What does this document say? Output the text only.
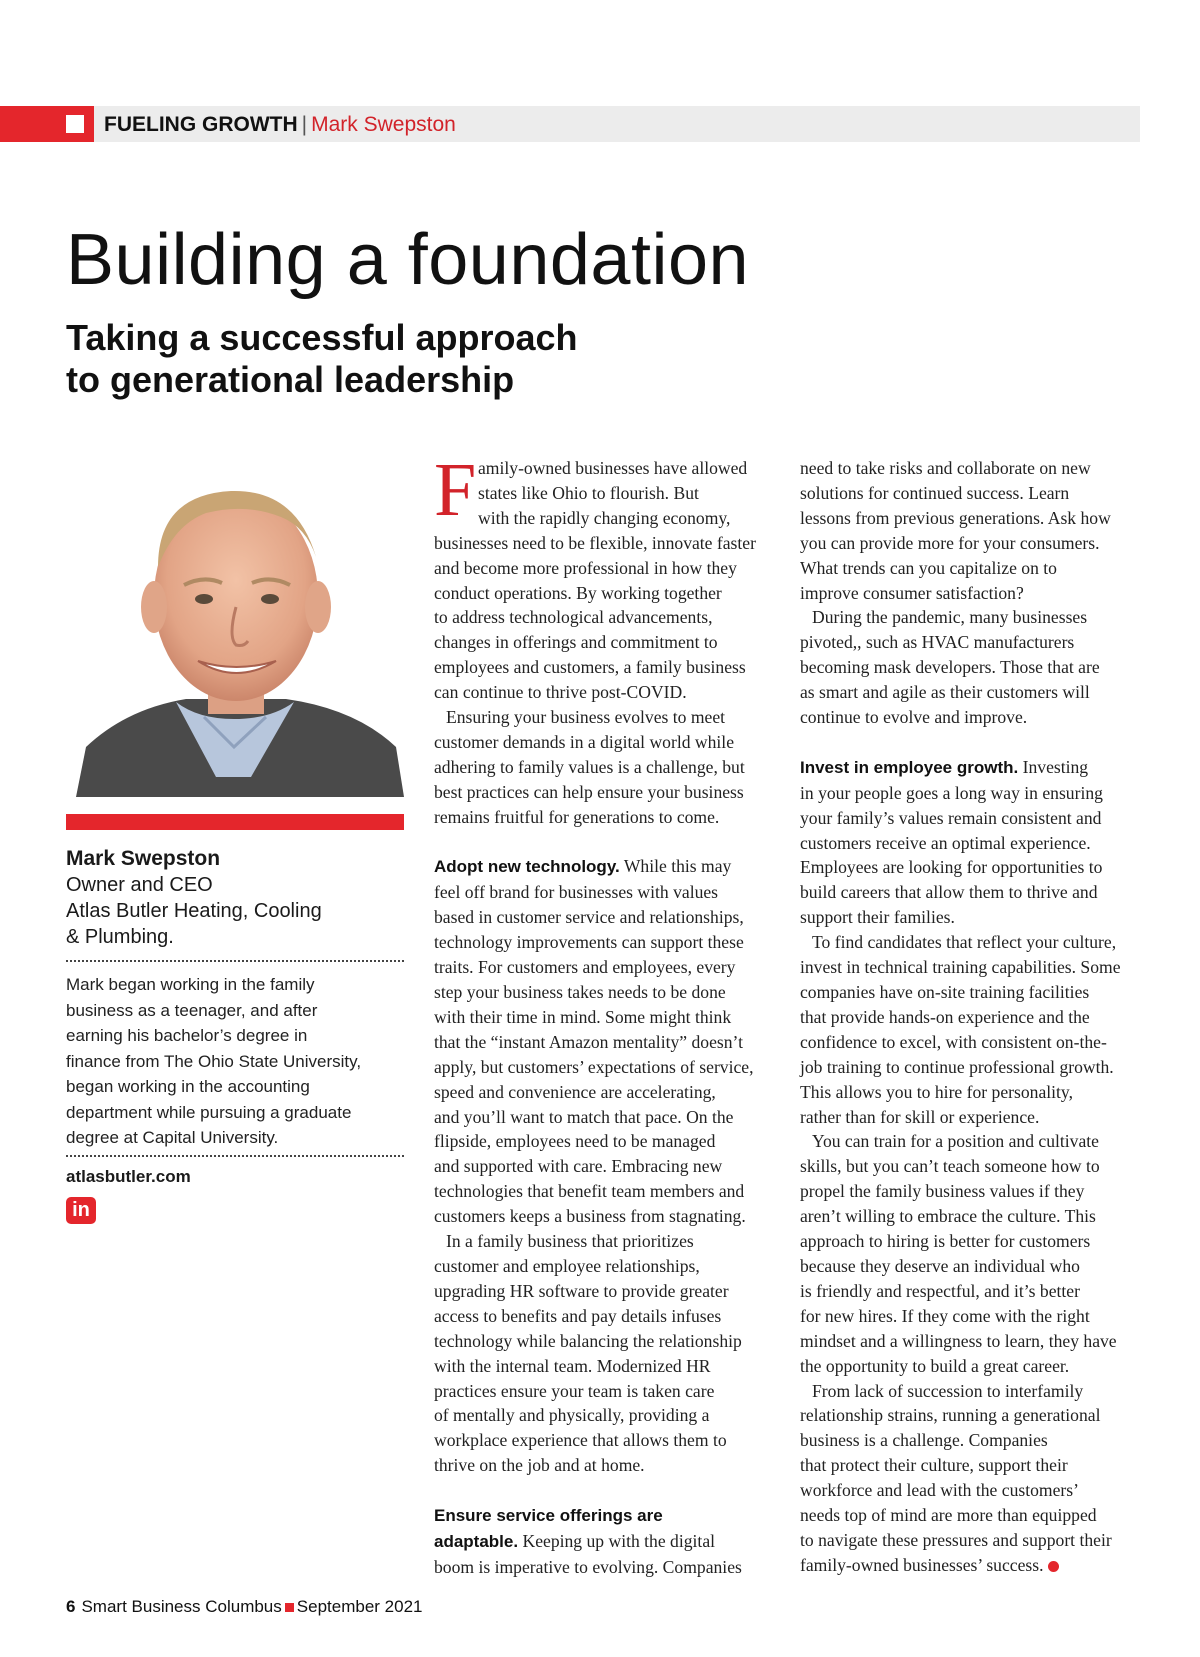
FUELING GROWTH | Mark Swepston
Building a foundation
Taking a successful approach
to generational leadership
Mark Swepston
Owner and CEO
Atlas Butler Heating, Cooling
& Plumbing.
Mark began working in the family
business as a teenager, and after
earning his bachelor’s degree in
finance from The Ohio State University,
began working in the accounting
department while pursuing a graduate
degree at Capital University.
atlasbutler.com
in
F amily-owned businesses have allowed
states like Ohio to flourish. But
with the rapidly changing economy,
businesses need to be flexible, innovate faster
and become more professional in how they
conduct operations. By working together
to address technological advancements,
changes in offerings and commitment to
employees and customers, a family business
can continue to thrive post-COVID.
Ensuring your business evolves to meet
customer demands in a digital world while
adhering to family values is a challenge, but
best practices can help ensure your business
remains fruitful for generations to come.
Adopt new technology. While this may
feel off brand for businesses with values
based in customer service and relationships,
technology improvements can support these
traits. For customers and employees, every
step your business takes needs to be done
with their time in mind. Some might think
that the “instant Amazon mentality” doesn’t
apply, but customers’ expectations of service,
speed and convenience are accelerating,
and you’ll want to match that pace. On the
flipside, employees need to be managed
and supported with care. Embracing new
technologies that benefit team members and
customers keeps a business from stagnating.
In a family business that prioritizes
customer and employee relationships,
upgrading HR software to provide greater
access to benefits and pay details infuses
technology while balancing the relationship
with the internal team. Modernized HR
practices ensure your team is taken care
of mentally and physically, providing a
workplace experience that allows them to
thrive on the job and at home.
Ensure service offerings are
adaptable. Keeping up with the digital
boom is imperative to evolving. Companies
need to take risks and collaborate on new
solutions for continued success. Learn
lessons from previous generations. Ask how
you can provide more for your consumers.
What trends can you capitalize on to
improve consumer satisfaction?
During the pandemic, many businesses
pivoted,, such as HVAC manufacturers
becoming mask developers. Those that are
as smart and agile as their customers will
continue to evolve and improve.
Invest in employee growth. Investing
in your people goes a long way in ensuring
your family’s values remain consistent and
customers receive an optimal experience.
Employees are looking for opportunities to
build careers that allow them to thrive and
support their families.
To find candidates that reflect your culture,
invest in technical training capabilities. Some
companies have on-site training facilities
that provide hands-on experience and the
confidence to excel, with consistent on-the-
job training to continue professional growth.
This allows you to hire for personality,
rather than for skill or experience.
You can train for a position and cultivate
skills, but you can’t teach someone how to
propel the family business values if they
aren’t willing to embrace the culture. This
approach to hiring is better for customers
because they deserve an individual who
is friendly and respectful, and it’s better
for new hires. If they come with the right
mindset and a willingness to learn, they have
the opportunity to build a great career.
From lack of succession to interfamily
relationship strains, running a generational
business is a challenge. Companies
that protect their culture, support their
workforce and lead with the customers’
needs top of mind are more than equipped
to navigate these pressures and support their
family-owned businesses’ success.
6 Smart Business Columbus September 2021
